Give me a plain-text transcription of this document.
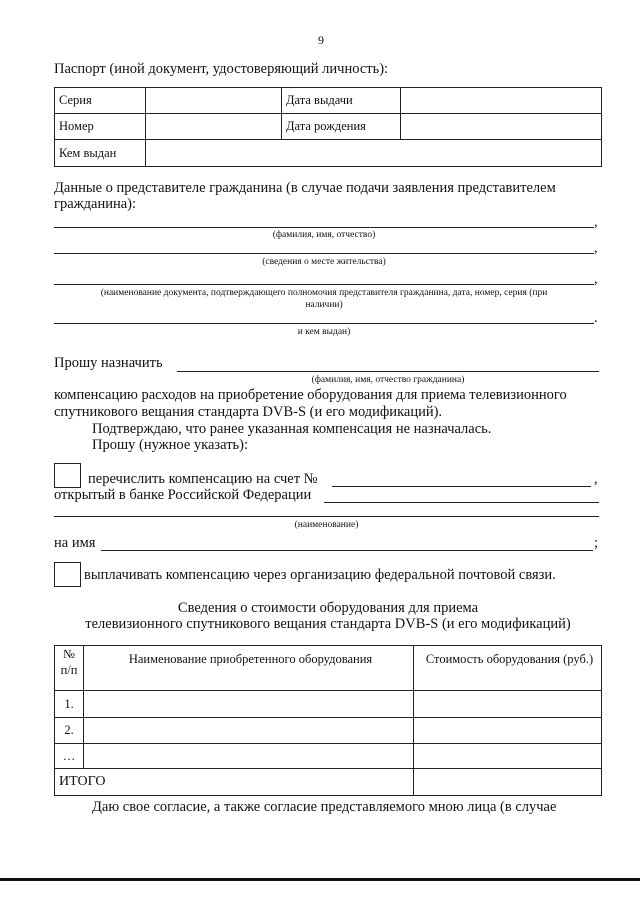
9
Паспорт (иной документ, удостоверяющий личность):
Серия		Дата выдачи	
Номер		Дата рождения	
Кем выдан			
Данные о представителе гражданина (в случае подачи заявления представителем
гражданина):
,
(фамилия, имя, отчество)
,
(сведения о месте жительства)
,
(наименование документа, подтверждающего полномочия представителя гражданина, дата, номер, серия (при
наличии)
.
и кем выдан)
Прошу назначить
(фамилия, имя, отчество гражданина)
компенсацию расходов на приобретение оборудования для приема телевизионного
спутникового вещания стандарта DVB-S (и его модификаций).
Подтверждаю, что ранее указанная компенсация не назначалась.
Прошу (нужное указать):
перечислить компенсацию на счет №	,
открытый в банке Российской Федерации
(наименование)
на имя	;
выплачивать компенсацию через организацию федеральной почтовой связи.
Сведения о стоимости оборудования для приема
телевизионного спутникового вещания стандарта DVB-S (и его модификаций)
№
п/п	Наименование приобретенного оборудования	Стоимость оборудования (руб.)
1.		
2.		
…		
ИТОГО		
Даю свое согласие, а также согласие представляемого мною лица (в случае
